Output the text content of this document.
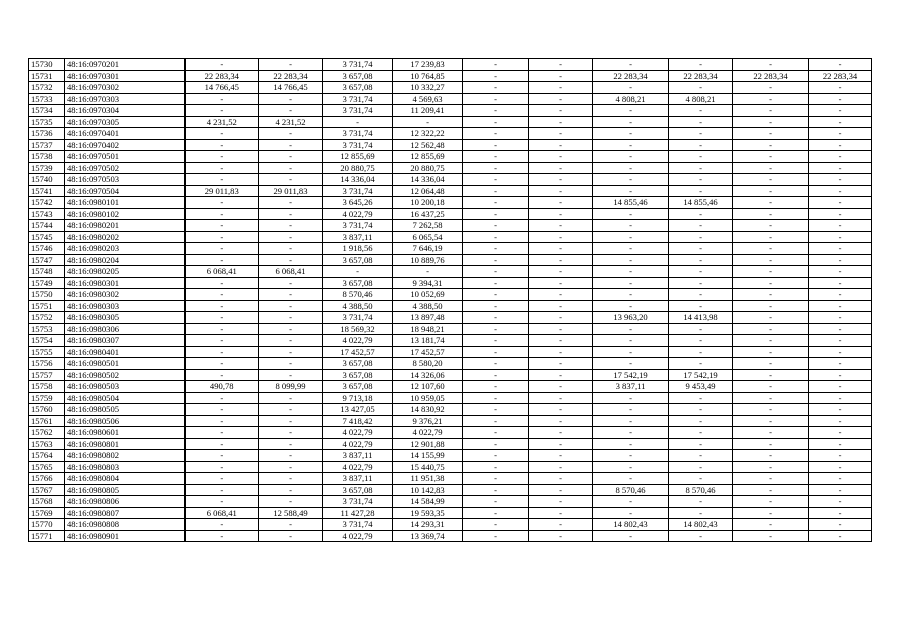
15730	48:16:0970201	-	-	3 731,74	17 239,83	-	-	-	-	-	-
15731	48:16:0970301	22 283,34	22 283,34	3 657,08	10 764,85	-	-	22 283,34	22 283,34	22 283,34	22 283,34
15732	48:16:0970302	14 766,45	14 766,45	3 657,08	10 332,27	-	-	-	-	-	-
15733	48:16:0970303	-	-	3 731,74	4 569,63	-	-	4 808,21	4 808,21	-	-
15734	48:16:0970304	-	-	3 731,74	11 209,41	-	-	-	-	-	-
15735	48:16:0970305	4 231,52	4 231,52	-	-	-	-	-	-	-	-
15736	48:16:0970401	-	-	3 731,74	12 322,22	-	-	-	-	-	-
15737	48:16:0970402	-	-	3 731,74	12 562,48	-	-	-	-	-	-
15738	48:16:0970501	-	-	12 855,69	12 855,69	-	-	-	-	-	-
15739	48:16:0970502	-	-	20 880,75	20 880,75	-	-	-	-	-	-
15740	48:16:0970503	-	-	14 336,04	14 336,04	-	-	-	-	-	-
15741	48:16:0970504	29 011,83	29 011,83	3 731,74	12 064,48	-	-	-	-	-	-
15742	48:16:0980101	-	-	3 645,26	10 200,18	-	-	14 855,46	14 855,46	-	-
15743	48:16:0980102	-	-	4 022,79	16 437,25	-	-	-	-	-	-
15744	48:16:0980201	-	-	3 731,74	7 262,58	-	-	-	-	-	-
15745	48:16:0980202	-	-	3 837,11	6 065,54	-	-	-	-	-	-
15746	48:16:0980203	-	-	1 918,56	7 646,19	-	-	-	-	-	-
15747	48:16:0980204	-	-	3 657,08	10 889,76	-	-	-	-	-	-
15748	48:16:0980205	6 068,41	6 068,41	-	-	-	-	-	-	-	-
15749	48:16:0980301	-	-	3 657,08	9 394,31	-	-	-	-	-	-
15750	48:16:0980302	-	-	8 570,46	10 052,69	-	-	-	-	-	-
15751	48:16:0980303	-	-	4 388,50	4 388,50	-	-	-	-	-	-
15752	48:16:0980305	-	-	3 731,74	13 897,48	-	-	13 963,20	14 413,98	-	-
15753	48:16:0980306	-	-	18 569,32	18 948,21	-	-	-	-	-	-
15754	48:16:0980307	-	-	4 022,79	13 181,74	-	-	-	-	-	-
15755	48:16:0980401	-	-	17 452,57	17 452,57	-	-	-	-	-	-
15756	48:16:0980501	-	-	3 657,08	8 580,20	-	-	-	-	-	-
15757	48:16:0980502	-	-	3 657,08	14 326,06	-	-	17 542,19	17 542,19	-	-
15758	48:16:0980503	490,78	8 099,99	3 657,08	12 107,60	-	-	3 837,11	9 453,49	-	-
15759	48:16:0980504	-	-	9 713,18	10 959,05	-	-	-	-	-	-
15760	48:16:0980505	-	-	13 427,05	14 830,92	-	-	-	-	-	-
15761	48:16:0980506	-	-	7 418,42	9 376,21	-	-	-	-	-	-
15762	48:16:0980601	-	-	4 022,79	4 022,79	-	-	-	-	-	-
15763	48:16:0980801	-	-	4 022,79	12 901,88	-	-	-	-	-	-
15764	48:16:0980802	-	-	3 837,11	14 155,99	-	-	-	-	-	-
15765	48:16:0980803	-	-	4 022,79	15 440,75	-	-	-	-	-	-
15766	48:16:0980804	-	-	3 837,11	11 951,38	-	-	-	-	-	-
15767	48:16:0980805	-	-	3 657,08	10 142,83	-	-	8 570,46	8 570,46	-	-
15768	48:16:0980806	-	-	3 731,74	14 584,99	-	-	-	-	-	-
15769	48:16:0980807	6 068,41	12 588,49	11 427,28	19 593,35	-	-	-	-	-	-
15770	48:16:0980808	-	-	3 731,74	14 293,31	-	-	14 802,43	14 802,43	-	-
15771	48:16:0980901	-	-	4 022,79	13 369,74	-	-	-	-	-	-
